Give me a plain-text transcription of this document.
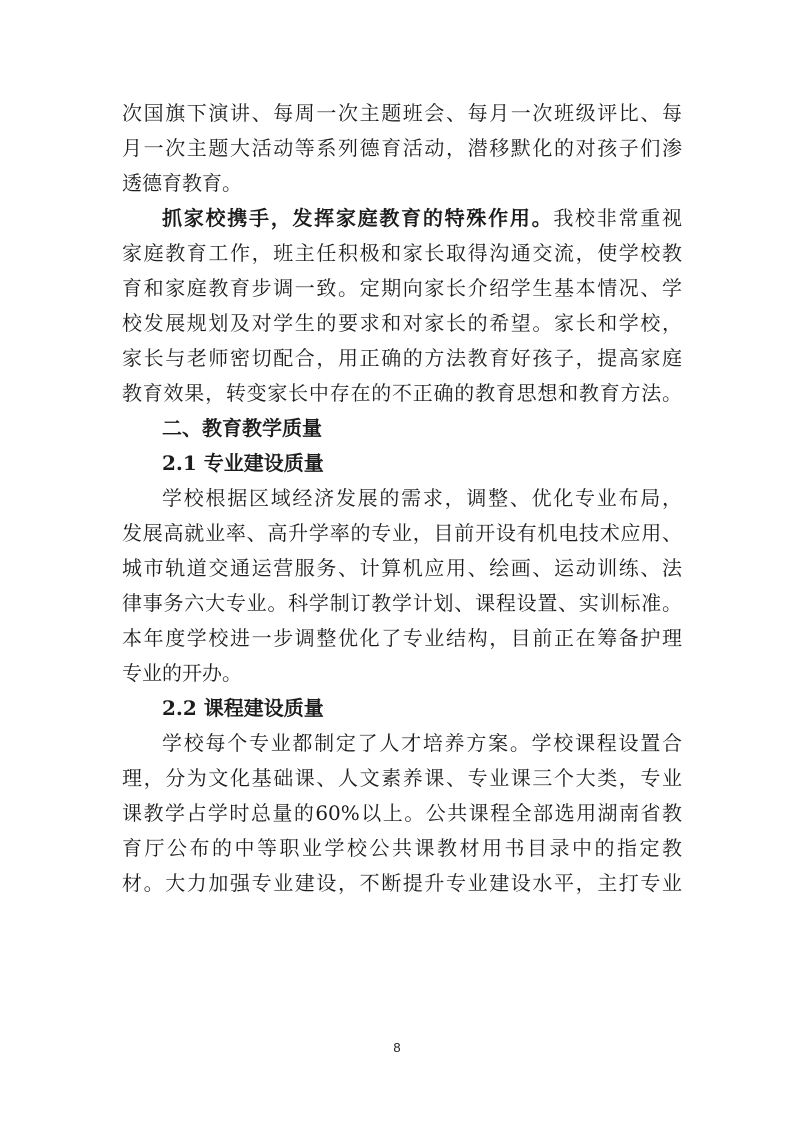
次国旗下演讲、每周一次主题班会、每月一次班级评比、每
月一次主题大活动等系列德育活动，潜移默化的对孩子们渗
透德育教育。
抓家校携手，发挥家庭教育的特殊作用。我校非常重视
家庭教育工作，班主任积极和家长取得沟通交流，使学校教
育和家庭教育步调一致。定期向家长介绍学生基本情况、学
校发展规划及对学生的要求和对家长的希望。家长和学校，
家长与老师密切配合，用正确的方法教育好孩子，提高家庭
教育效果，转变家长中存在的不正确的教育思想和教育方法。
二、教育教学质量
2.1 专业建设质量
学校根据区域经济发展的需求，调整、优化专业布局，
发展高就业率、高升学率的专业，目前开设有机电技术应用、
城市轨道交通运营服务、计算机应用、绘画、运动训练、法
律事务六大专业。科学制订教学计划、课程设置、实训标准。
本年度学校进一步调整优化了专业结构，目前正在筹备护理
专业的开办。
2.2 课程建设质量
学校每个专业都制定了人才培养方案。学校课程设置合
理，分为文化基础课、人文素养课、专业课三个大类，专业
课教学占学时总量的60%以上。公共课程全部选用湖南省教
育厅公布的中等职业学校公共课教材用书目录中的指定教
材。大力加强专业建设，不断提升专业建设水平，主打专业
8
